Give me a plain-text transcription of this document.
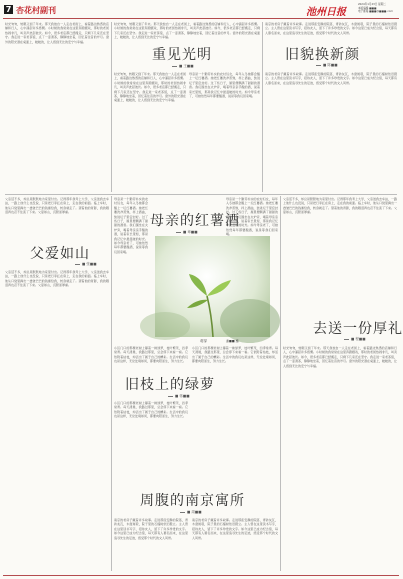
7 杏花村副刊	池州日报
2024年1月23日 星期二
本版编辑 ■■■
电子邮箱 ■■■@■■■.com
时光匆匆，转眼又到了年末。那天我独自一人走在老街上，看着路边熟悉的店铺和行人，心中涌起许多感慨。小时候的我常常在这里奔跑嬉戏，那时的老街热闹非凡，叫卖声此起彼伏。如今，很多老店都已经搬走，只剩下几家还在坚守。我走进一家老茶馆，点了一壶清茶，静静地坐着，回忆着往昔的岁月。窗外的阳光洒在桌面上，暖暖的，让人感到无比的安宁与幸福。
父爱如山
■ 张■■
父亲话不多，却总是默默地为家里付出。记得那年我考上大学，父亲送我去车站，一路上他什么也没说，只是把行李扛在肩上，走在我的前面。临上车时，他从口袋里掏出一叠皱巴巴的钱塞给我，转身就走了。望着他的背影，我的眼泪再也忍不住流了下来。父爱如山，沉默而厚重。
父亲话不多，却总是默默地为家里付出。记得那年我考上大学，父亲送我去车站，一路上他什么也没说，只是把行李扛在肩上，走在我的前面。临上车时，他从口袋里掏出一叠皱巴巴的钱塞给我，转身就走了。望着他的背影，我的眼泪再也忍不住流了下来。父爱如山，沉默而厚重。
重见光明
■ 王■■
时光匆匆，转眼又到了年末。那天我独自一人走在老街上，看着路边熟悉的店铺和行人，心中涌起许多感慨。小时候的我常常在这里奔跑嬉戏，那时的老街热闹非凡，叫卖声此起彼伏。如今，很多老店都已经搬走，只剩下几家还在坚守。我走进一家老茶馆，点了一壶清茶，静静地坐着，回忆着往昔的岁月。窗外的阳光洒在桌面上，暖暖的，让人感到无比的安宁与幸福。
时光匆匆，转眼又到了年末。那天我独自一人走在老街上，看着路边熟悉的店铺和行人，心中涌起许多感慨。小时候的我常常在这里奔跑嬉戏，那时的老街热闹非凡，叫卖声此起彼伏。如今，很多老店都已经搬走，只剩下几家还在坚守。我走进一家老茶馆，点了一壶清茶，静静地坐着，回忆着往昔的岁月。窗外的阳光洒在桌面上，暖暖的，让人感到无比的安宁与幸福。
母亲是一个勤劳朴实的农村妇女，每年入冬她都会酿上一坛红薯酒。她把红薯洗净蒸熟，拌上酒曲，装进坛子里密封好。过了些日子，屋里便飘满了甜甜的酒香。我们围坐在火炉旁，喝着母亲亲手酿的酒，说着家长里短，那是我记忆中最温暖的时光。如今母亲老了，可她依然每年都要酿酒，说是等我们回家喝。
母亲的红薯酒
■ 章■■
母亲是一个勤劳朴实的农村妇女，每年入冬她都会酿上一坛红薯酒。她把红薯洗净蒸熟，拌上酒曲，装进坛子里密封好。过了些日子，屋里便飘满了甜甜的酒香。我们围坐在火炉旁，喝着母亲亲手酿的酒，说着家长里短，那是我记忆中最温暖的时光。如今母亲老了，可她依然每年都要酿酒，说是等我们回家喝。
母亲是一个勤劳朴实的农村妇女，每年入冬她都会酿上一坛红薯酒。她把红薯洗净蒸熟，拌上酒曲，装进坛子里密封好。过了些日子，屋里便飘满了甜甜的酒香。我们围坐在火炉旁，喝着母亲亲手酿的酒，说着家长里短，那是我记忆中最温暖的时光。如今母亲老了，可她依然每年都要酿酒，说是等我们回家喝。
莉芽	谢■■ 摄
旧枝上的绿萝
■ 蒋■■
小区门口的那棵老树上攀着一株绿萝，枝叶繁茂，四季常青。每天清晨，我路过那里，总会停下来看一看。它依附着枯枝，却活出了属于自己的精彩。生活中的我们也是这样，无论处境如何，都要向阳而生，努力生长。
小区门口的那棵老树上攀着一株绿萝，枝叶繁茂，四季常青。每天清晨，我路过那里，总会停下来看一看。它依附着枯枝，却活出了属于自己的精彩。生活中的我们也是这样，无论处境如何，都要向阳而生，努力生长。
小区门口的那棵老树上攀着一株绿萝，枝叶繁茂，四季常青。每天清晨，我路过那里，总会停下来看一看。它依附着枯枝，却活出了属于自己的精彩。生活中的我们也是这样，无论处境如何，都要向阳而生，努力生长。
周腹的南京寓所
■ 周■■
南京的老房子藏着许多故事。走进那座安静的院落，青砖灰瓦，木窗斑驳，院子里的石榴树依旧挺立。主人曾在这里读书写字，招待友人，留下了许多珍贵的文字。如今这里已成为纪念馆，每天都有人慕名而来，在这里追寻先生的足迹，感受那个时代的文人风骨。
南京的老房子藏着许多故事。走进那座安静的院落，青砖灰瓦，木窗斑驳，院子里的石榴树依旧挺立。主人曾在这里读书写字，招待友人，留下了许多珍贵的文字。如今这里已成为纪念馆，每天都有人慕名而来，在这里追寻先生的足迹，感受那个时代的文人风骨。
旧貌换新颜
■ 陈■■
南京的老房子藏着许多故事。走进那座安静的院落，青砖灰瓦，木窗斑驳，院子里的石榴树依旧挺立。主人曾在这里读书写字，招待友人，留下了许多珍贵的文字。如今这里已成为纪念馆，每天都有人慕名而来，在这里追寻先生的足迹，感受那个时代的文人风骨。
南京的老房子藏着许多故事。走进那座安静的院落，青砖灰瓦，木窗斑驳，院子里的石榴树依旧挺立。主人曾在这里读书写字，招待友人，留下了许多珍贵的文字。如今这里已成为纪念馆，每天都有人慕名而来，在这里追寻先生的足迹，感受那个时代的文人风骨。
父亲话不多，却总是默默地为家里付出。记得那年我考上大学，父亲送我去车站，一路上他什么也没说，只是把行李扛在肩上，走在我的前面。临上车时，他从口袋里掏出一叠皱巴巴的钱塞给我，转身就走了。望着他的背影，我的眼泪再也忍不住流了下来。父爱如山，沉默而厚重。
去送一份厚礼
■ 程■■
时光匆匆，转眼又到了年末。那天我独自一人走在老街上，看着路边熟悉的店铺和行人，心中涌起许多感慨。小时候的我常常在这里奔跑嬉戏，那时的老街热闹非凡，叫卖声此起彼伏。如今，很多老店都已经搬走，只剩下几家还在坚守。我走进一家老茶馆，点了一壶清茶，静静地坐着，回忆着往昔的岁月。窗外的阳光洒在桌面上，暖暖的，让人感到无比的安宁与幸福。
